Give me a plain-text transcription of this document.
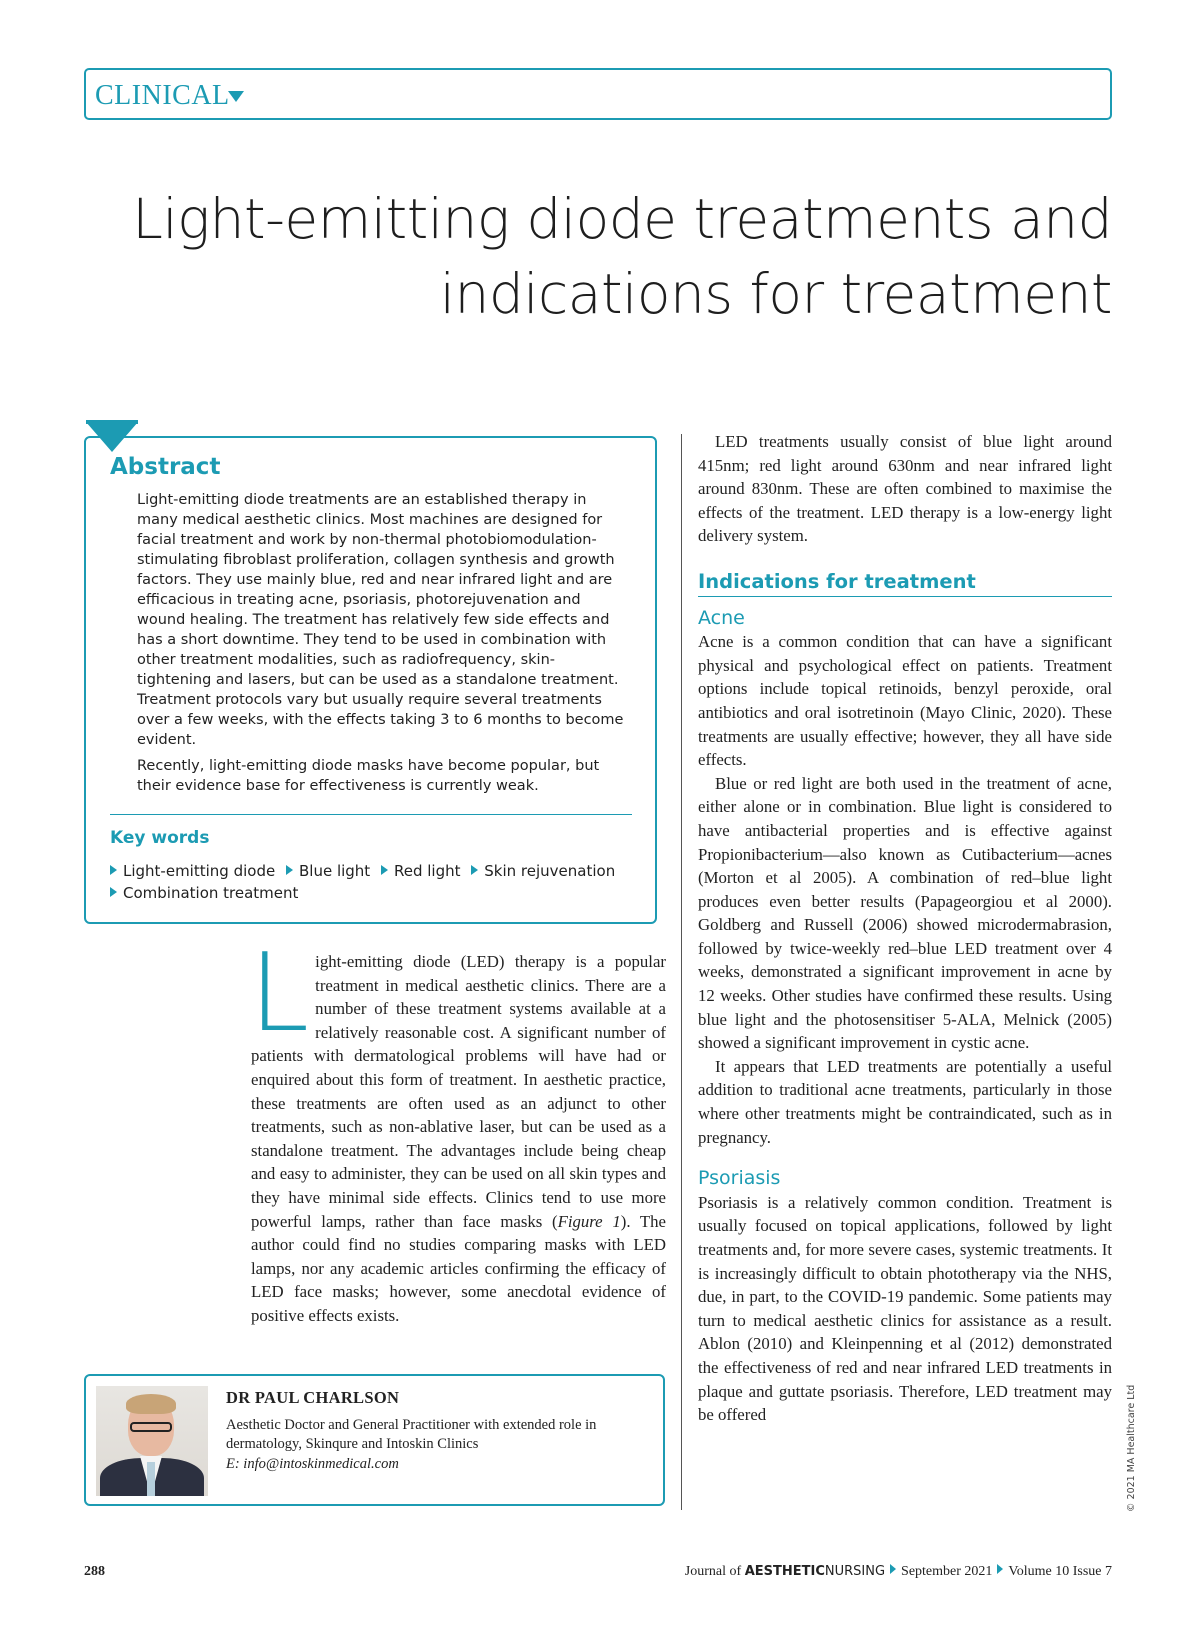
CLINICAL
Light-emitting diode treatments and
indications for treatment
Abstract

Light-emitting diode treatments are an established therapy in many medical aesthetic clinics. Most machines are designed for facial treatment and work by non-thermal photobiomodulation-stimulating fibroblast proliferation, collagen synthesis and growth factors. They use mainly blue, red and near infrared light and are efficacious in treating acne, psoriasis, photorejuvenation and wound healing. The treatment has relatively few side effects and has a short downtime. They tend to be used in combination with other treatment modalities, such as radiofrequency, skin-tightening and lasers, but can be used as a standalone treatment. Treatment protocols vary but usually require several treatments over a few weeks, with the effects taking 3 to 6 months to become evident.

Recently, light-emitting diode masks have become popular, but their evidence base for effectiveness is currently weak.

Key words
Light-emitting diode Blue light Red light Skin rejuvenation
Combination treatment
L ight-emitting diode (LED) therapy is a popular treatment in medical aesthetic clinics. There are a number of these treatment systems available at a relatively reasonable cost. A significant number of patients with dermatological problems will have had or enquired about this form of treatment. In aesthetic practice, these treatments are often used as an adjunct to other treatments, such as non-ablative laser, but can be used as a standalone treatment. The advantages include being cheap and easy to administer, they can be used on all skin types and they have minimal side effects. Clinics tend to use more powerful lamps, rather than face masks (Figure 1). The author could find no studies comparing masks with LED lamps, nor any academic articles confirming the efficacy of LED face masks; however, some anecdotal evidence of positive effects exists.

LED treatments usually consist of blue light around 415nm; red light around 630nm and near infrared light around 830nm. These are often combined to maximise the effects of the treatment. LED therapy is a low-energy light delivery system.

Indications for treatment
Acne

Acne is a common condition that can have a significant physical and psychological effect on patients. Treatment options include topical retinoids, benzyl peroxide, oral antibiotics and oral isotretinoin (Mayo Clinic, 2020). These treatments are usually effective; however, they all have side effects.

Blue or red light are both used in the treatment of acne, either alone or in combination. Blue light is considered to have antibacterial properties and is effective against Propionibacterium—also known as Cutibacterium—acnes (Morton et al 2005). A combination of red–blue light produces even better results (Papageorgiou et al 2000). Goldberg and Russell (2006) showed microdermabrasion, followed by twice-weekly red–blue LED treatment over 4 weeks, demonstrated a significant improvement in acne by 12 weeks. Other studies have confirmed these results. Using blue light and the photosensitiser 5-ALA, Melnick (2005) showed a significant improvement in cystic acne.

It appears that LED treatments are potentially a useful addition to traditional acne treatments, particularly in those where other treatments might be contraindicated, such as in pregnancy.

Psoriasis

Psoriasis is a relatively common condition. Treatment is usually focused on topical applications, followed by light treatments and, for more severe cases, systemic treatments. It is increasingly difficult to obtain phototherapy via the NHS, due, in part, to the COVID-19 pandemic. Some patients may turn to medical aesthetic clinics for assistance as a result. Ablon (2010) and Kleinpenning et al (2012) demonstrated the effectiveness of red and near infrared LED treatments in plaque and guttate psoriasis. Therefore, LED treatment may be offered

DR PAUL CHARLSON
Aesthetic Doctor and General Practitioner with extended role in dermatology, Skinqure and Intoskin Clinics
E: info@intoskinmedical.com	© 2021 MA Healthcare Ltd
288	Journal of AESTHETICNURSING September 2021 Volume 10 Issue 7
